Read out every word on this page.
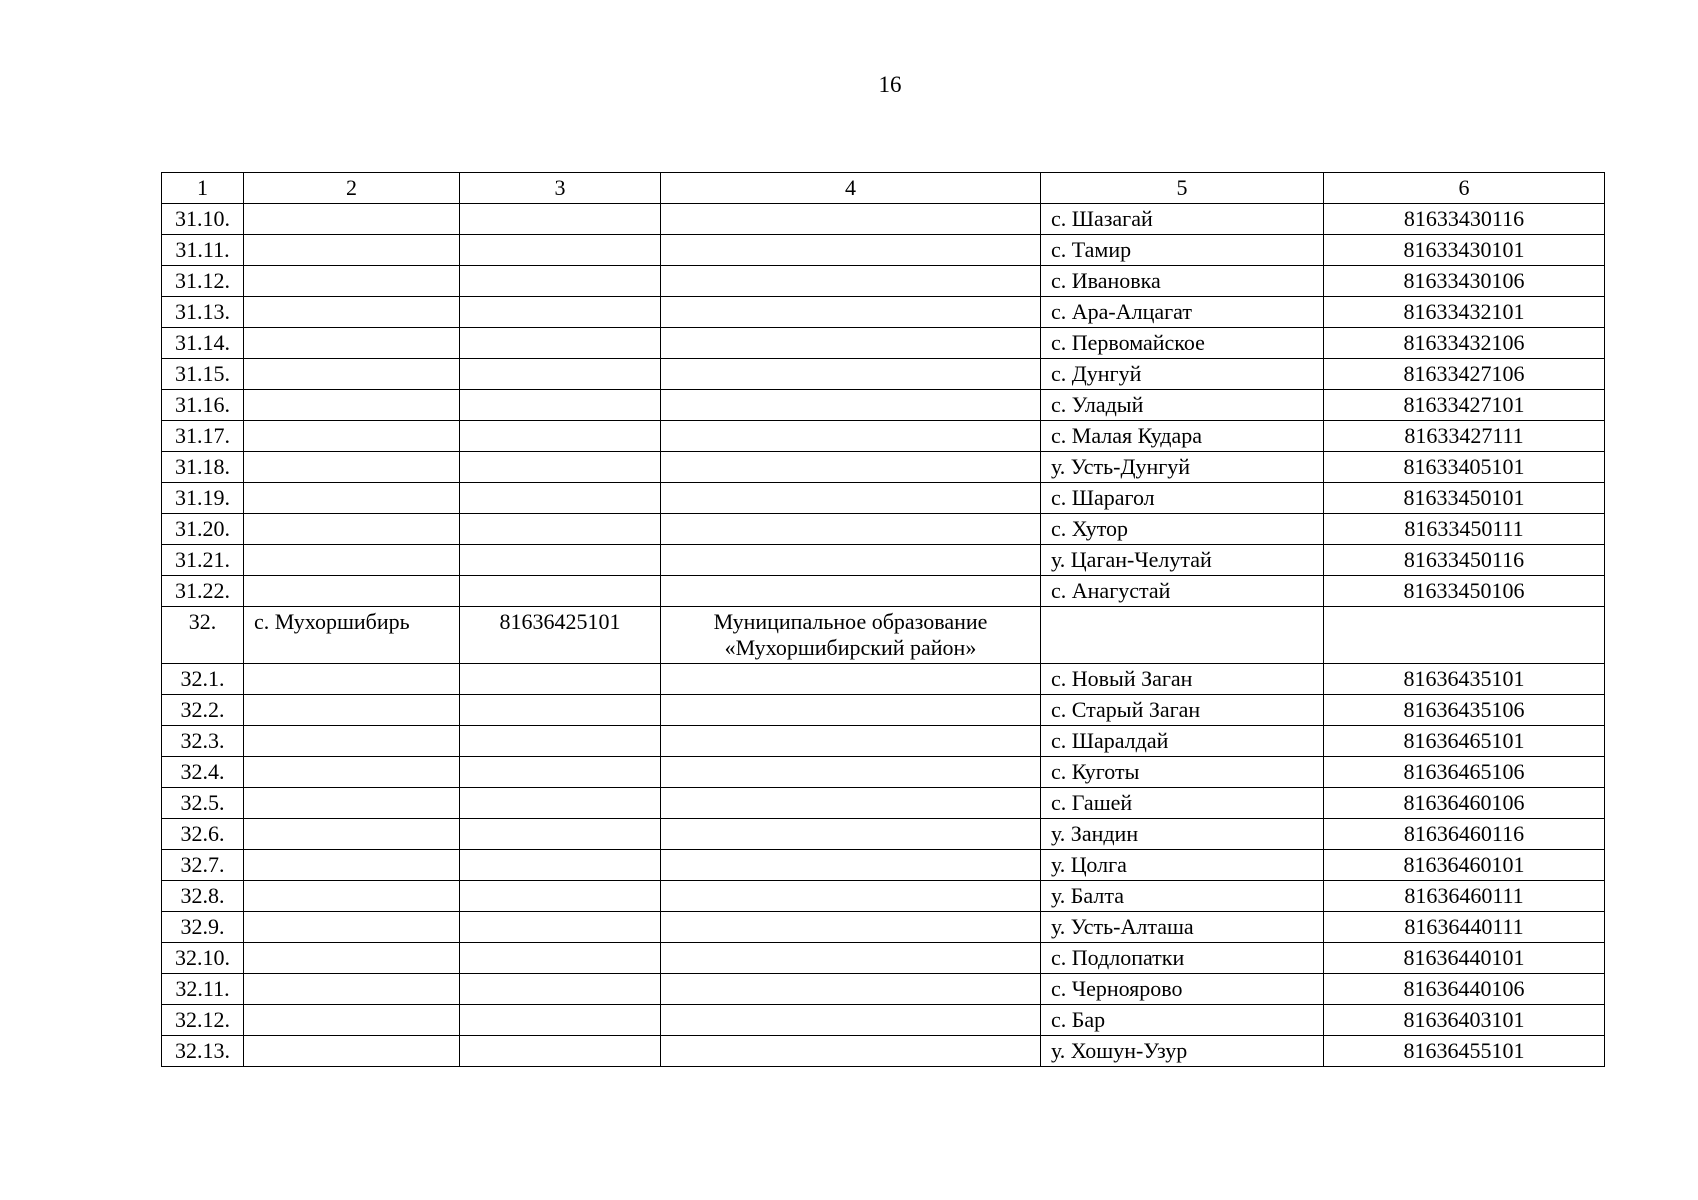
16
1	2	3	4	5	6
31.10.				с. Шазагай	81633430116
31.11.				с. Тамир	81633430101
31.12.				с. Ивановка	81633430106
31.13.				с. Ара-Алцагат	81633432101
31.14.				с. Первомайское	81633432106
31.15.				с. Дунгуй	81633427106
31.16.				с. Уладый	81633427101
31.17.				с. Малая Кудара	81633427111
31.18.				у. Усть-Дунгуй	81633405101
31.19.				с. Шарагол	81633450101
31.20.				с. Хутор	81633450111
31.21.				у. Цаган-Челутай	81633450116
31.22.				с. Анагустай	81633450106
32.	с. Мухоршибирь	81636425101	Муниципальное образование «Мухоршибирский район»		
32.1.				с. Новый Заган	81636435101
32.2.				с. Старый Заган	81636435106
32.3.				с. Шаралдай	81636465101
32.4.				с. Куготы	81636465106
32.5.				с. Гашей	81636460106
32.6.				у. Зандин	81636460116
32.7.				у. Цолга	81636460101
32.8.				у. Балта	81636460111
32.9.				у. Усть-Алташа	81636440111
32.10.				с. Подлопатки	81636440101
32.11.				с. Черноярово	81636440106
32.12.				с. Бар	81636403101
32.13.				у. Хошун-Узур	81636455101
